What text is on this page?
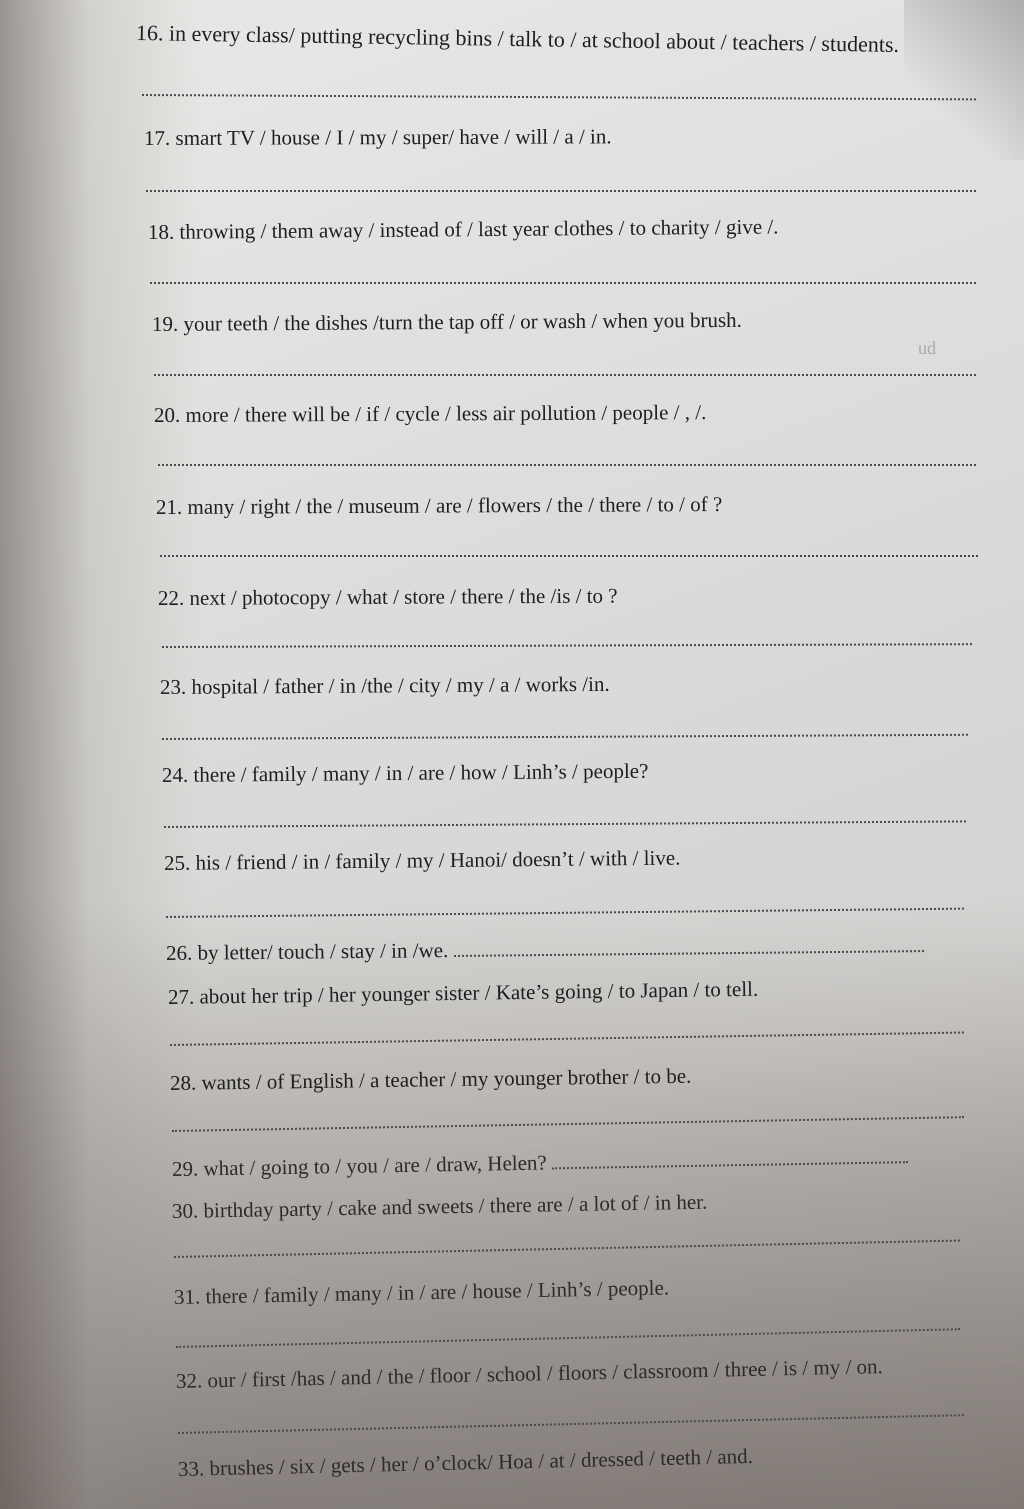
16. in every class/ putting recycling bins / talk to / at school about / teachers / students.
17. smart TV / house / I / my / super/ have / will / a / in.
18. throwing / them away / instead of / last year clothes / to charity / give /.
19. your teeth / the dishes /turn the tap off / or wash / when you brush.
ud
20. more / there will be / if / cycle / less air pollution / people / , /.
21. many / right / the / museum / are / flowers / the / there / to / of ?
22. next / photocopy / what / store / there / the /is / to ?
23. hospital / father / in /the / city / my / a / works /in.
24. there / family / many / in / are / how / Linh’s / people?
25. his / friend / in / family / my / Hanoi/ doesn’t / with / live.
26. by letter/ touch / stay / in /we.
27. about her trip / her younger sister / Kate’s going / to Japan / to tell.
28. wants / of English / a teacher / my younger brother / to be.
29. what / going to / you / are / draw, Helen?
30. birthday party / cake and sweets / there are / a lot of / in her.
31. there / family / many / in / are / house / Linh’s / people.
32. our / first /has / and / the / floor / school / floors / classroom / three / is / my / on.
33. brushes / six / gets / her / o’clock/ Hoa / at / dressed / teeth / and.
